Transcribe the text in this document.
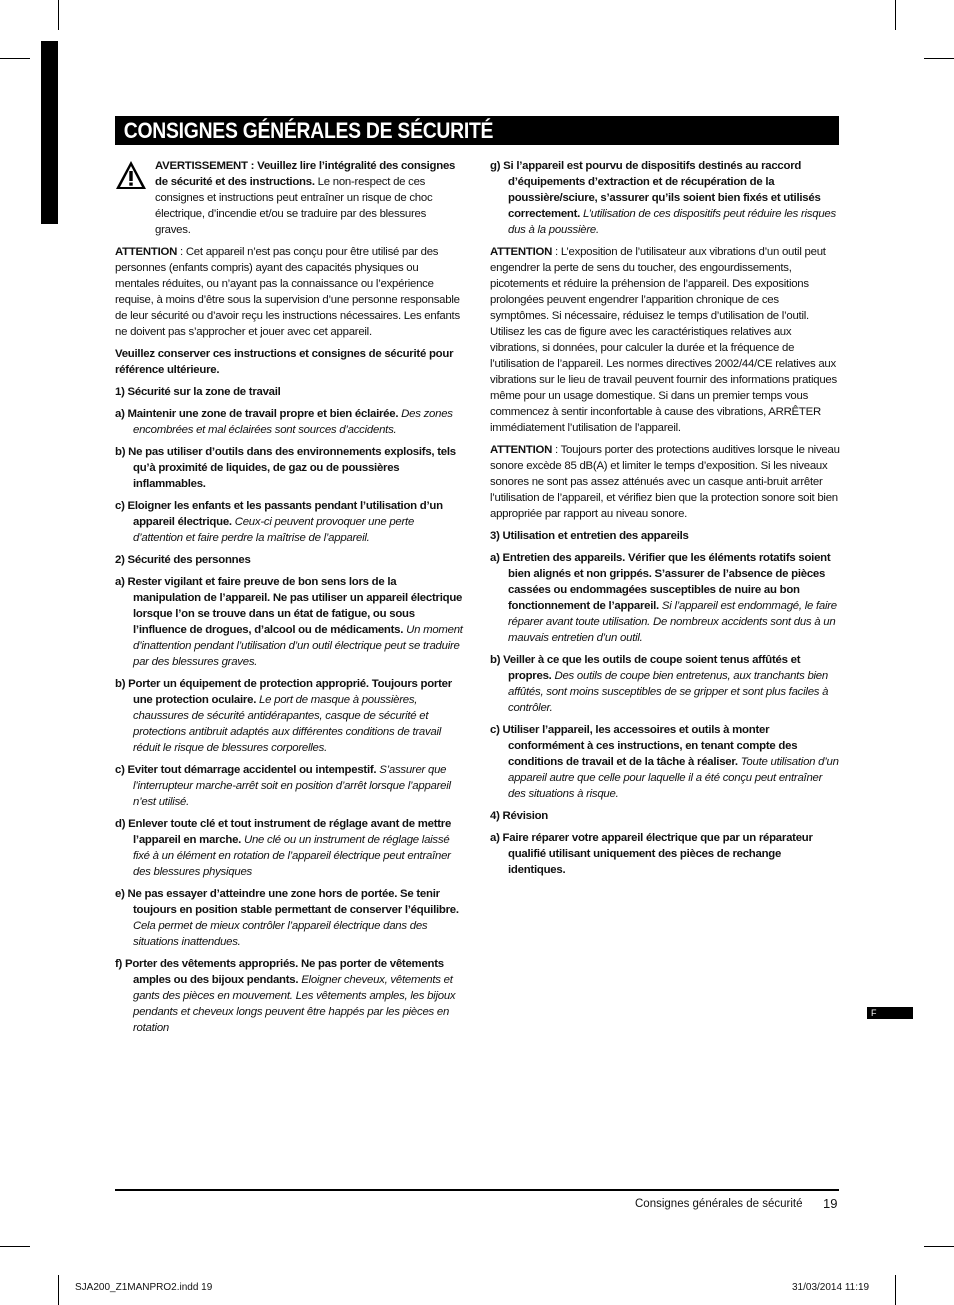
CONSIGNES GÉNÉRALES DE SÉCURITÉ
AVERTISSEMENT : Veuillez lire l’intégralité des consignes de sécurité et des instructions. Le non-respect de ces consignes et instructions peut entraîner un risque de choc électrique, d’incendie et/ou se traduire par des blessures graves.

ATTENTION : Cet appareil n’est pas conçu pour être utilisé par des personnes (enfants compris) ayant des capacités physiques ou mentales réduites, ou n’ayant pas la connaissance ou l’expérience requise, à moins d’être sous la supervision d’une personne responsable de leur sécurité ou d’avoir reçu les instructions nécessaires. Les enfants ne doivent pas s’approcher et jouer avec cet appareil.

Veuillez conserver ces instructions et consignes de sécurité pour référence ultérieure.

1) Sécurité sur la zone de travail

a) Maintenir une zone de travail propre et bien éclairée. Des zones encombrées et mal éclairées sont sources d’accidents.

b) Ne pas utiliser d’outils dans des environnements explosifs, tels qu’à proximité de liquides, de gaz ou de poussières inflammables.

c) Eloigner les enfants et les passants pendant l’utilisation d’un appareil électrique. Ceux-ci peuvent provoquer une perte d’attention et faire perdre la maîtrise de l’appareil.

2) Sécurité des personnes

a) Rester vigilant et faire preuve de bon sens lors de la manipulation de l’appareil. Ne pas utiliser un appareil électrique lorsque l’on se trouve dans un état de fatigue, ou sous l’influence de drogues, d’alcool ou de médicaments. Un moment d’inattention pendant l’utilisation d’un outil électrique peut se traduire par des blessures graves.

b) Porter un équipement de protection approprié. Toujours porter une protection oculaire. Le port de masque à poussières, chaussures de sécurité antidérapantes, casque de sécurité et protections antibruit adaptés aux différentes conditions de travail réduit le risque de blessures corporelles.

c) Eviter tout démarrage accidentel ou intempestif. S’assurer que l’interrupteur marche-arrêt soit en position d’arrêt lorsque l’appareil n’est utilisé.

d) Enlever toute clé et tout instrument de réglage avant de mettre l’appareil en marche. Une clé ou un instrument de réglage laissé fixé à un élément en rotation de l’appareil électrique peut entraîner des blessures physiques

e) Ne pas essayer d’atteindre une zone hors de portée. Se tenir toujours en position stable permettant de conserver l’équilibre. Cela permet de mieux contrôler l’appareil électrique dans des situations inattendues.

f) Porter des vêtements appropriés. Ne pas porter de vêtements amples ou des bijoux pendants. Eloigner cheveux, vêtements et gants des pièces en mouvement. Les vêtements amples, les bijoux pendants et cheveux longs peuvent être happés par les pièces en rotation

g) Si l’appareil est pourvu de dispositifs destinés au raccord d’équipements d’extraction et de récupération de la poussière/sciure, s’assurer qu’ils soient bien fixés et utilisés correctement. L’utilisation de ces dispositifs peut réduire les risques dus à la poussière.

ATTENTION : L’exposition de l’utilisateur aux vibrations d’un outil peut engendrer la perte de sens du toucher, des engourdissements, picotements et réduire la préhension de l’appareil. Des expositions prolongées peuvent engendrer l’apparition chronique de ces symptômes. Si nécessaire, réduisez le temps d’utilisation de l’outil. Utilisez les cas de figure avec les caractéristiques relatives aux vibrations, si données, pour calculer la durée et la fréquence de l’utilisation de l’appareil. Les normes directives 2002/44/CE relatives aux vibrations sur le lieu de travail peuvent fournir des informations pratiques même pour un usage domestique. Si dans un premier temps vous commencez à sentir inconfortable à cause des vibrations, ARRÊTER immédiatement l’utilisation de l’appareil.

ATTENTION : Toujours porter des protections auditives lorsque le niveau sonore excède 85 dB(A) et limiter le temps d’exposition. Si les niveaux sonores ne sont pas assez atténués avec un casque anti-bruit arrêter l’utilisation de l’appareil, et vérifiez bien que la protection sonore soit bien appropriée par rapport au niveau sonore.

3) Utilisation et entretien des appareils

a) Entretien des appareils. Vérifier que les éléments rotatifs soient bien alignés et non grippés. S’assurer de l’absence de pièces cassées ou endommagées susceptibles de nuire au bon fonctionnement de l’appareil. Si l’appareil est endommagé, le faire réparer avant toute utilisation. De nombreux accidents sont dus à un mauvais entretien d’un outil.

b) Veiller à ce que les outils de coupe soient tenus affûtés et propres. Des outils de coupe bien entretenus, aux tranchants bien affûtés, sont moins susceptibles de se gripper et sont plus faciles à contrôler.

c) Utiliser l’appareil, les accessoires et outils à monter conformément à ces instructions, en tenant compte des conditions de travail et de la tâche à réaliser. Toute utilisation d’un appareil autre que celle pour laquelle il a été conçu peut entraîner des situations à risque.

4) Révision

a) Faire réparer votre appareil électrique que par un réparateur qualifié utilisant uniquement des pièces de rechange identiques.

F
Consignes générales de sécurité 19
SJA200_Z1MANPRO2.indd 19	31/03/2014 11:19
